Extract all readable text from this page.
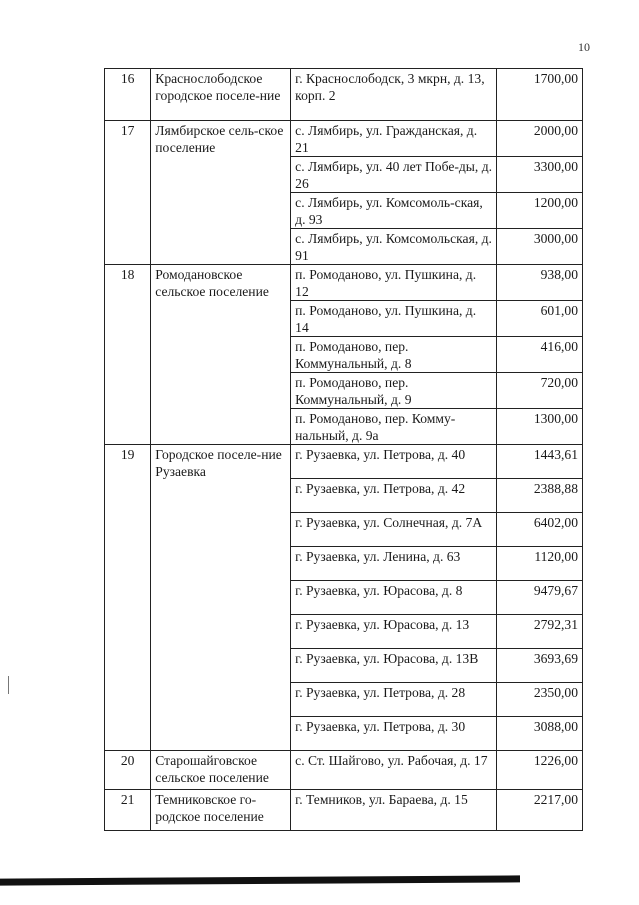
10
16	Краснослободское городское поселе-ние	г. Краснослободск, 3 мкрн, д. 13, корп. 2	1700,00
17	Лямбирское сель-ское поселение	с. Лямбирь, ул. Гражданская, д. 21	2000,00
		с. Лямбирь, ул. 40 лет Побе-ды, д. 26	3300,00
		с. Лямбирь, ул. Комсомоль-ская, д. 93	1200,00
		с. Лямбирь, ул. Комсомольская, д. 91	3000,00
18	Ромодановское сельское поселение	п. Ромоданово, ул. Пушкина, д. 12	938,00
		п. Ромоданово, ул. Пушкина, д. 14	601,00
		п. Ромоданово, пер. Коммунальный, д. 8	416,00
		п. Ромоданово, пер. Коммунальный, д. 9	720,00
		п. Ромоданово, пер. Комму-нальный, д. 9а	1300,00
19	Городское поселе-ние Рузаевка	г. Рузаевка, ул. Петрова, д. 40	1443,61
		г. Рузаевка, ул. Петрова, д. 42	2388,88
		г. Рузаевка, ул. Солнечная, д. 7А	6402,00
		г. Рузаевка, ул. Ленина, д. 63	1120,00
		г. Рузаевка, ул. Юрасова, д. 8	9479,67
		г. Рузаевка, ул. Юрасова, д. 13	2792,31
		г. Рузаевка, ул. Юрасова, д. 13В	3693,69
		г. Рузаевка, ул. Петрова, д. 28	2350,00
		г. Рузаевка, ул. Петрова, д. 30	3088,00
20	Старошайговское сельское поселение	с. Ст. Шайгово, ул. Рабочая, д. 17	1226,00
21	Темниковское го-родское поселение	г. Темников, ул. Бараева, д. 15	2217,00
